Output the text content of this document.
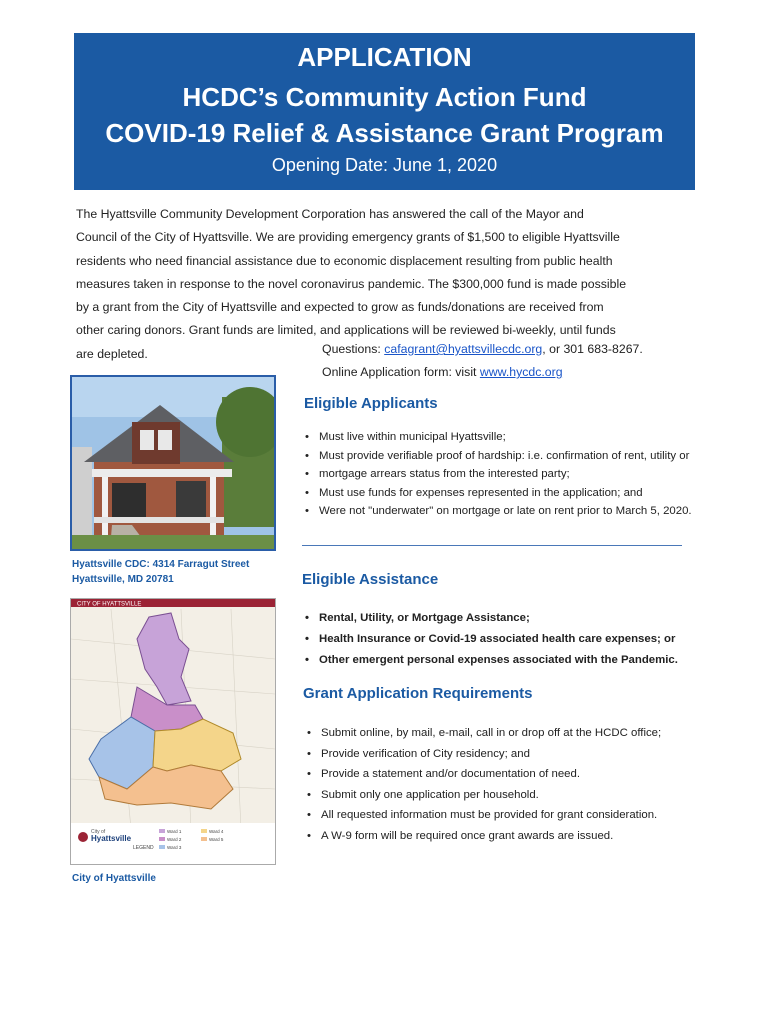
APPLICATION
HCDC’s Community Action Fund
COVID-19 Relief & Assistance Grant Program
Opening Date: June 1, 2020
The Hyattsville Community Development Corporation has answered the call of the Mayor and
Council of the City of Hyattsville. We are providing emergency grants of $1,500 to eligible Hyattsville
residents who need financial assistance due to economic displacement resulting from public health
measures taken in response to the novel coronavirus pandemic. The $300,000 fund is made possible
by a grant from the City of Hyattsville and expected to grow as funds/donations are received from
other caring donors. Grant funds are limited, and applications will be reviewed bi-weekly, until funds
are depleted.	Questions: cafagrant@hyattsvillecdc.org, or 301 683-8267.
Online Application form: visit www.hycdc.org
Hyattsville CDC: 4314 Farragut Street
Hyattsville, MD 20781
CITY OF HYATTSVILLE
City of
Hyattsville
LEGEND
Ward 1
Ward 2
Ward 3
Ward 4
Ward 5
City of Hyattsville
Eligible Applicants
• Must live within municipal Hyattsville;
• Must provide verifiable proof of hardship: i.e. confirmation of rent, utility or
• mortgage arrears status from the interested party;
• Must use funds for expenses represented in the application; and
• Were not "underwater" on mortgage or late on rent prior to March 5, 2020.
Eligible Assistance
• Rental, Utility, or Mortgage Assistance;
• Health Insurance or Covid-19 associated health care expenses; or
• Other emergent personal expenses associated with the Pandemic.
Grant Application Requirements
• Submit online, by mail, e-mail, call in or drop off at the HCDC office;
• Provide verification of City residency; and
• Provide a statement and/or documentation of need.
• Submit only one application per household.
• All requested information must be provided for grant consideration.
• A W-9 form will be required once grant awards are issued.
